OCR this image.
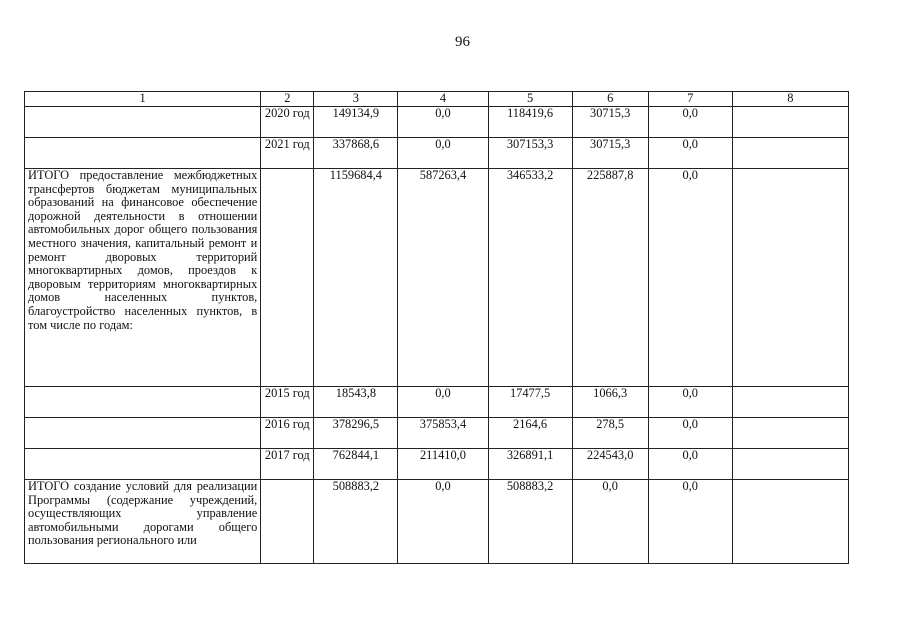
96
1	2	3	4	5	6	7	8
	2020 год	149134,9	0,0	118419,6	30715,3	0,0	
	2021 год	337868,6	0,0	307153,3	30715,3	0,0	
ИТОГО предоставление межбюджетных трансфертов бюджетам муниципальных образований на финансовое обеспечение дорожной деятельности в отношении автомобильных дорог общего пользования местного значения, капитальный ремонт и ремонт дворовых территорий многоквартирных домов, проездов к дворовым территориям многоквартирных домов населенных пунктов, благоустройство населенных пунктов, в том числе по годам:		1159684,4	587263,4	346533,2	225887,8	0,0	
	2015 год	18543,8	0,0	17477,5	1066,3	0,0	
	2016 год	378296,5	375853,4	2164,6	278,5	0,0	
	2017 год	762844,1	211410,0	326891,1	224543,0	0,0	
ИТОГО создание условий для реализации Программы (содержание учреждений, осуществляющих управление автомобильными дорогами общего пользования регионального или		508883,2	0,0	508883,2	0,0	0,0	
